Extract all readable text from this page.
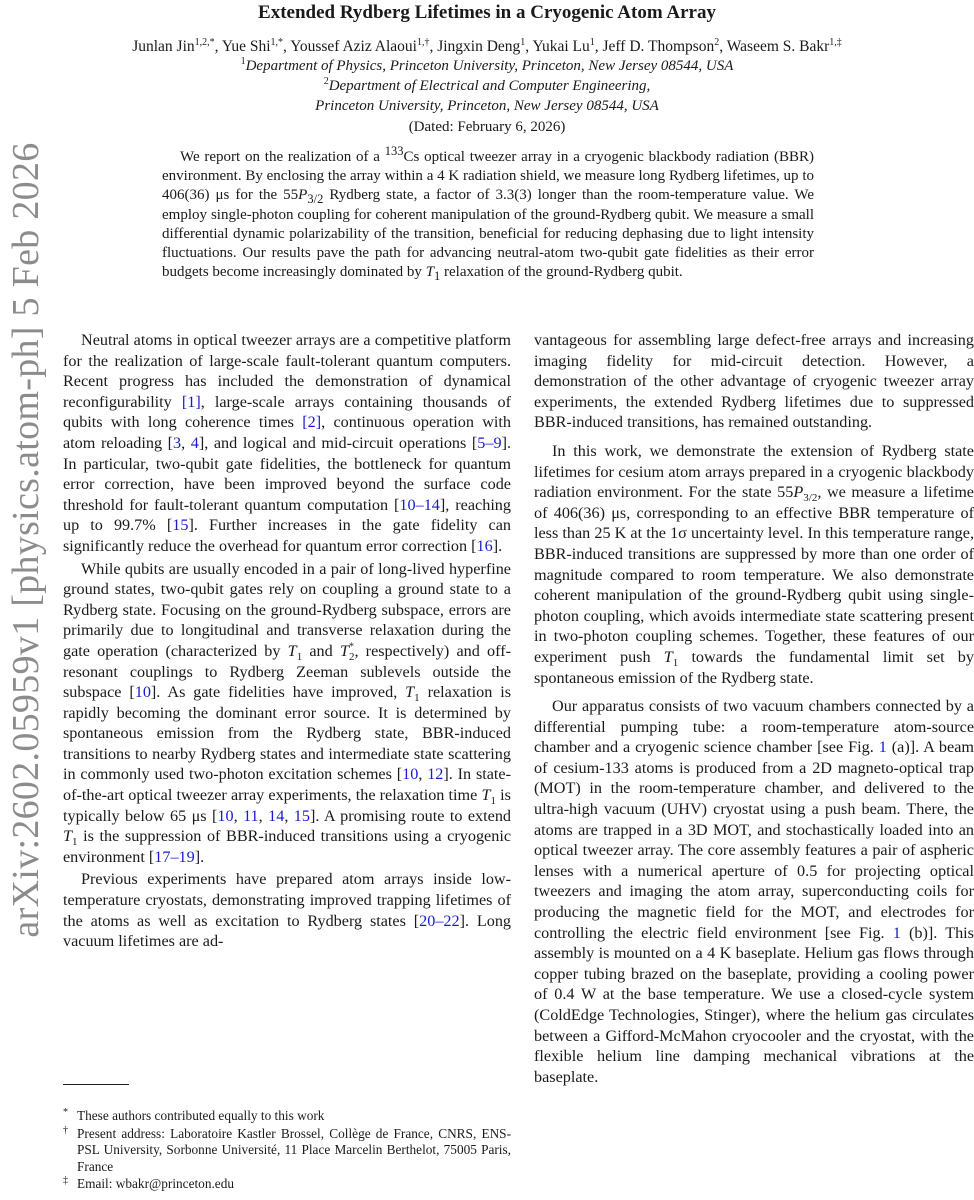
arXiv:2602.05959v1 [physics.atom-ph] 5 Feb 2026
Extended Rydberg Lifetimes in a Cryogenic Atom Array
Junlan Jin$^{1,2,*}$, Yue Shi$^{1,*}$, Youssef Aziz Alaoui$^{1,\dagger}$, Jingxin Deng$^1$, Yukai Lu$^1$, Jeff D. Thompson$^2$, Waseem S. Bakr$^{1,\ddagger}$
$^1$Department of Physics, Princeton University, Princeton, New Jersey 08544, USA
$^2$Department of Electrical and Computer Engineering,
Princeton University, Princeton, New Jersey 08544, USA
(Dated: February 6, 2026)
We report on the realization of a $^{133}$Cs optical tweezer array in a cryogenic blackbody radiation (BBR) environment. By enclosing the array within a 4 K radiation shield, we measure long Rydberg lifetimes, up to 406(36) μs for the $55P_{3/2}$ Rydberg state, a factor of 3.3(3) longer than the room-temperature value. We employ single-photon coupling for coherent manipulation of the ground-Rydberg qubit. We measure a small differential dynamic polarizability of the transition, beneficial for reducing dephasing due to light intensity fluctuations. Our results pave the path for advancing neutral-atom two-qubit gate fidelities as their error budgets become increasingly dominated by $T_1$ relaxation of the ground-Rydberg qubit.

Neutral atoms in optical tweezer arrays are a competitive platform for the realization of large-scale fault-tolerant quantum computers. Recent progress has included the demonstration of dynamical reconfigurability [1], large-scale arrays containing thousands of qubits with long coherence times [2], continuous operation with atom reloading [3, 4], and logical and mid-circuit operations [5–9]. In particular, two-qubit gate fidelities, the bottleneck for quantum error correction, have been improved beyond the surface code threshold for fault-tolerant quantum computation [10–14], reaching up to 99.7% [15]. Further increases in the gate fidelity can significantly reduce the overhead for quantum error correction [16].

While qubits are usually encoded in a pair of long-lived hyperfine ground states, two-qubit gates rely on coupling a ground state to a Rydberg state. Focusing on the ground-Rydberg subspace, errors are primarily due to longitudinal and transverse relaxation during the gate operation (characterized by $T_1$ and $T^*_2$, respectively) and off-resonant couplings to Rydberg Zeeman sublevels outside the subspace [10]. As gate fidelities have improved, $T_1$ relaxation is rapidly becoming the dominant error source. It is determined by spontaneous emission from the Rydberg state, BBR-induced transitions to nearby Rydberg states and intermediate state scattering in commonly used two-photon excitation schemes [10, 12]. In state-of-the-art optical tweezer array experiments, the relaxation time $T_1$ is typically below 65 μs [10, 11, 14, 15]. A promising route to extend $T_1$ is the suppression of BBR-induced transitions using a cryogenic environment [17–19].

Previous experiments have prepared atom arrays inside low-temperature cryostats, demonstrating improved trapping lifetimes of the atoms as well as excitation to Rydberg states [20–22]. Long vacuum lifetimes are ad-

* These authors contributed equally to this work
† Present address: Laboratoire Kastler Brossel, Collège de France, CNRS, ENS-PSL University, Sorbonne Université, 11 Place Marcelin Berthelot, 75005 Paris, France
‡ Email: wbakr@princeton.edu

vantageous for assembling large defect-free arrays and increasing imaging fidelity for mid-circuit detection. However, a demonstration of the other advantage of cryogenic tweezer array experiments, the extended Rydberg lifetimes due to suppressed BBR-induced transitions, has remained outstanding.

In this work, we demonstrate the extension of Rydberg state lifetimes for cesium atom arrays prepared in a cryogenic blackbody radiation environment. For the state $55P_{3/2}$, we measure a lifetime of 406(36) μs, corresponding to an effective BBR temperature of less than 25 K at the 1σ uncertainty level. In this temperature range, BBR-induced transitions are suppressed by more than one order of magnitude compared to room temperature. We also demonstrate coherent manipulation of the ground-Rydberg qubit using single-photon coupling, which avoids intermediate state scattering present in two-photon coupling schemes. Together, these features of our experiment push $T_1$ towards the fundamental limit set by spontaneous emission of the Rydberg state.

Our apparatus consists of two vacuum chambers connected by a differential pumping tube: a room-temperature atom-source chamber and a cryogenic science chamber [see Fig. 1 (a)]. A beam of cesium-133 atoms is produced from a 2D magneto-optical trap (MOT) in the room-temperature chamber, and delivered to the ultra-high vacuum (UHV) cryostat using a push beam. There, the atoms are trapped in a 3D MOT, and stochastically loaded into an optical tweezer array. The core assembly features a pair of aspheric lenses with a numerical aperture of 0.5 for projecting optical tweezers and imaging the atom array, superconducting coils for producing the magnetic field for the MOT, and electrodes for controlling the electric field environment [see Fig. 1 (b)]. This assembly is mounted on a 4 K baseplate. Helium gas flows through copper tubing brazed on the baseplate, providing a cooling power of 0.4 W at the base temperature. We use a closed-cycle system (ColdEdge Technologies, Stinger), where the helium gas circulates between a Gifford-McMahon cryocooler and the cryostat, with the flexible helium line damping mechanical vibrations at the baseplate.
